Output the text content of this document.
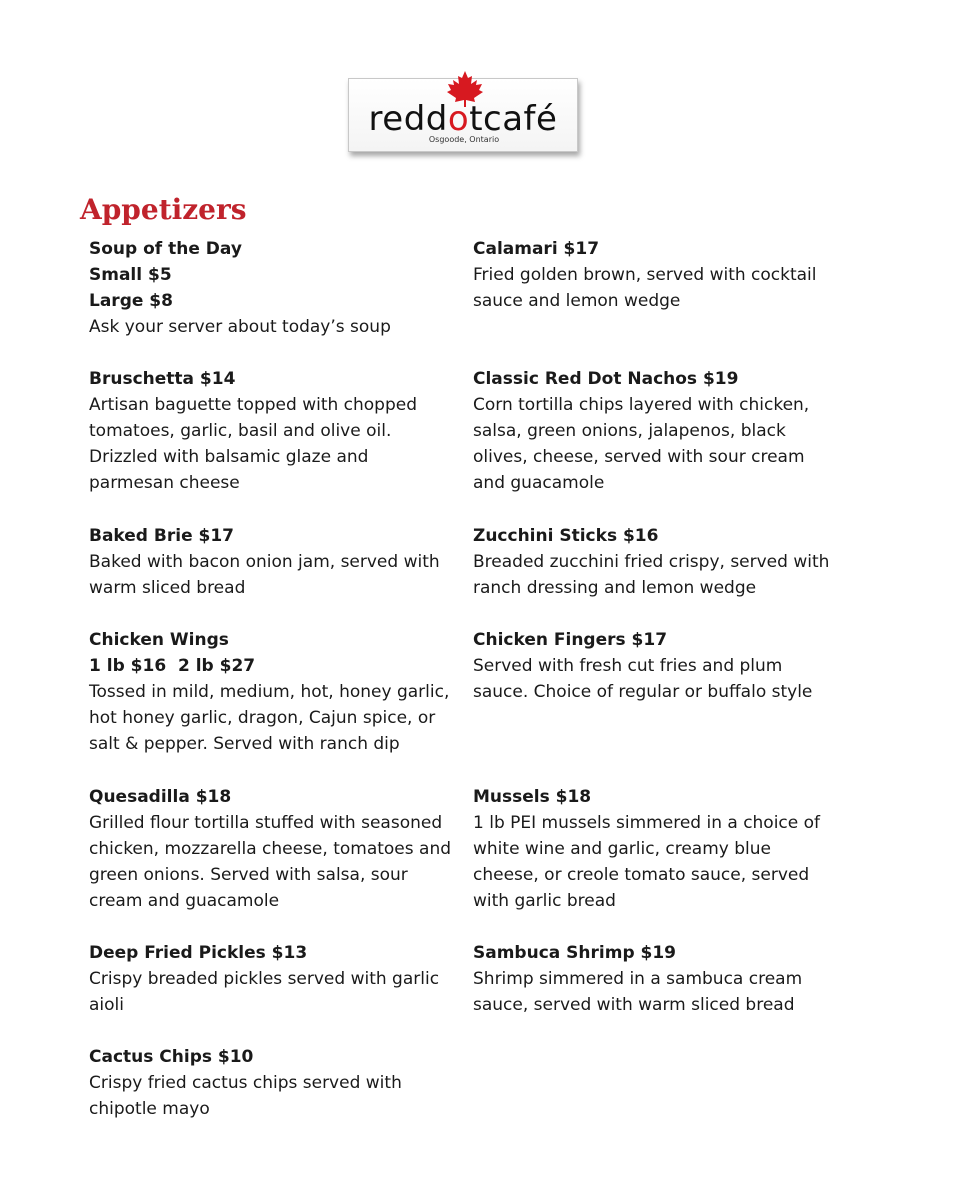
reddotcafé
Osgoode, Ontario
Appetizers
Soup of the Day
Small $5
Large $8
Ask your server about today’s soup
Bruschetta $14
Artisan baguette topped with chopped
tomatoes, garlic, basil and olive oil.
Drizzled with balsamic glaze and
parmesan cheese
Baked Brie $17
Baked with bacon onion jam, served with
warm sliced bread
Chicken Wings
1 lb $16  2 lb $27
Tossed in mild, medium, hot, honey garlic,
hot honey garlic, dragon, Cajun spice, or
salt & pepper. Served with ranch dip
Quesadilla $18
Grilled flour tortilla stuffed with seasoned
chicken, mozzarella cheese, tomatoes and
green onions. Served with salsa, sour
cream and guacamole
Deep Fried Pickles $13
Crispy breaded pickles served with garlic
aioli
Cactus Chips $10
Crispy fried cactus chips served with
chipotle mayo
Calamari $17
Fried golden brown, served with cocktail
sauce and lemon wedge
Classic Red Dot Nachos $19
Corn tortilla chips layered with chicken,
salsa, green onions, jalapenos, black
olives, cheese, served with sour cream
and guacamole
Zucchini Sticks $16
Breaded zucchini fried crispy, served with
ranch dressing and lemon wedge
Chicken Fingers $17
Served with fresh cut fries and plum
sauce. Choice of regular or buffalo style
Mussels $18
1 lb PEI mussels simmered in a choice of
white wine and garlic, creamy blue
cheese, or creole tomato sauce, served
with garlic bread
Sambuca Shrimp $19
Shrimp simmered in a sambuca cream
sauce, served with warm sliced bread
